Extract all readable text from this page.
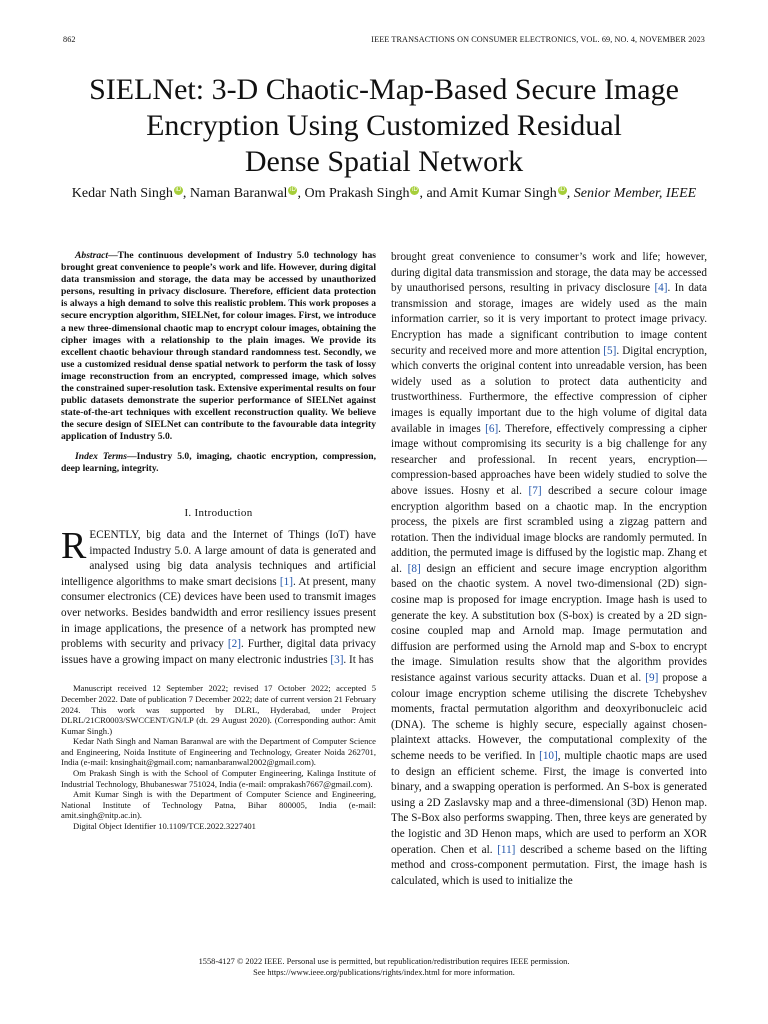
862	IEEE TRANSACTIONS ON CONSUMER ELECTRONICS, VOL. 69, NO. 4, NOVEMBER 2023
SIELNet: 3-D Chaotic-Map-Based Secure Image
Encryption Using Customized Residual
Dense Spatial Network
Kedar Nath Singh iD , Naman Baranwal iD , Om Prakash Singh iD , and Amit Kumar Singh iD , Senior Member, IEEE

Abstract—The continuous development of Industry 5.0 technology has brought great convenience to people’s work and life. However, during digital data transmission and storage, the data may be accessed by unauthorized persons, resulting in privacy disclosure. Therefore, efficient data protection is always a high demand to solve this realistic problem. This work proposes a secure encryption algorithm, SIELNet, for colour images. First, we introduce a new three-dimensional chaotic map to encrypt colour images, obtaining the cipher images with a relationship to the plain images. We provide its excellent chaotic behaviour through standard randomness test. Secondly, we use a customized residual dense spatial network to perform the task of lossy image reconstruction from an encrypted, compressed image, which solves the constrained super-resolution task. Extensive experimental results on four public datasets demonstrate the superior performance of SIELNet against state-of-the-art techniques with excellent reconstruction quality. We believe the secure design of SIELNet can contribute to the favourable data integrity application of Industry 5.0.

Index Terms—Industry 5.0, imaging, chaotic encryption, compression, deep learning, integrity.

I. Introduction

RECENTLY, big data and the Internet of Things (IoT) have impacted Industry 5.0. A large amount of data is generated and analysed using big data analysis techniques and artificial intelligence algorithms to make smart decisions [1]. At present, many consumer electronics (CE) devices have been used to transmit images over networks. Besides bandwidth and error resiliency issues present in image applications, the presence of a network has prompted new problems with security and privacy [2]. Further, digital data privacy issues have a growing impact on many electronic industries [3]. It has

Manuscript received 12 September 2022; revised 17 October 2022; accepted 5 December 2022. Date of publication 7 December 2022; date of current version 21 February 2024. This work was supported by DLRL, Hyderabad, under Project DLRL/21CR0003/SWCCENT/GN/LP (dt. 29 August 2020). (Corresponding author: Amit Kumar Singh.)

Kedar Nath Singh and Naman Baranwal are with the Department of Computer Science and Engineering, Noida Institute of Engineering and Technology, Greater Noida 262701, India (e-mail: knsinghait@gmail.com; namanbaranwal2002@gmail.com).

Om Prakash Singh is with the School of Computer Engineering, Kalinga Institute of Industrial Technology, Bhubaneswar 751024, India (e-mail: omprakash7667@gmail.com).

Amit Kumar Singh is with the Department of Computer Science and Engineering, National Institute of Technology Patna, Bihar 800005, India (e-mail: amit.singh@nitp.ac.in).

Digital Object Identifier 10.1109/TCE.2022.3227401

brought great convenience to consumer’s work and life; however, during digital data transmission and storage, the data may be accessed by unauthorised persons, resulting in privacy disclosure [4]. In data transmission and storage, images are widely used as the main information carrier, so it is very important to protect image privacy. Encryption has made a significant contribution to image content security and received more and more attention [5]. Digital encryption, which converts the original content into unreadable version, has been widely used as a solution to protect data authenticity and trustworthiness. Furthermore, the effective compression of cipher images is equally important due to the high volume of digital data available in images [6]. Therefore, effectively compressing a cipher image without compromising its security is a big challenge for any researcher and professional. In recent years, encryption—compression-based approaches have been widely studied to solve the above issues. Hosny et al. [7] described a secure colour image encryption algorithm based on a chaotic map. In the encryption process, the pixels are first scrambled using a zigzag pattern and rotation. Then the individual image blocks are randomly permuted. In addition, the permuted image is diffused by the logistic map. Zhang et al. [8] design an efficient and secure image encryption algorithm based on the chaotic system. A novel two-dimensional (2D) sign-cosine map is proposed for image encryption. Image hash is used to generate the key. A substitution box (S-box) is created by a 2D sign-cosine coupled map and Arnold map. Image permutation and diffusion are performed using the Arnold map and S-box to encrypt the image. Simulation results show that the algorithm provides resistance against various security attacks. Duan et al. [9] propose a colour image encryption scheme utilising the discrete Tchebyshev moments, fractal permutation algorithm and deoxyribonucleic acid (DNA). The scheme is highly secure, especially against chosen-plaintext attacks. However, the computational complexity of the scheme needs to be verified. In [10], multiple chaotic maps are used to design an efficient scheme. First, the image is converted into binary, and a swapping operation is performed. An S-box is generated using a 2D Zaslavsky map and a three-dimensional (3D) Henon map. The S-Box also performs swapping. Then, three keys are generated by the logistic and 3D Henon maps, which are used to perform an XOR operation. Chen et al. [11] described a scheme based on the lifting method and cross-component permutation. First, the image hash is calculated, which is used to initialize the

1558-4127 © 2022 IEEE. Personal use is permitted, but republication/redistribution requires IEEE permission.
See https://www.ieee.org/publications/rights/index.html for more information.
